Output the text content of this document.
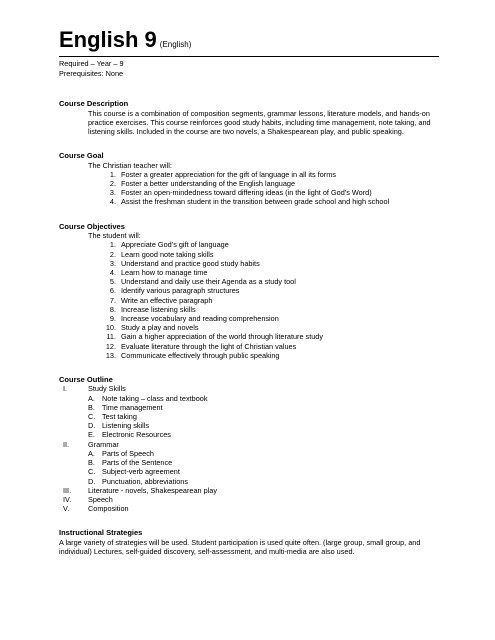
English 9 (English)
Required – Year – 9
Prerequisites: None
Course Description
This course is a combination of composition segments, grammar lessons, literature models, and hands-on practice exercises. This course reinforces good study habits, including time management, note taking, and listening skills. Included in the course are two novels, a Shakespearean play, and public speaking.
Course Goal
The Christian teacher will:
1. Foster a greater appreciation for the gift of language in all its forms
2. Foster a better understanding of the English language
3. Foster an open-mindedness toward differing ideas (in the light of God’s Word)
4. Assist the freshman student in the transition between grade school and high school
Course Objectives
The student will:
1. Appreciate God’s gift of language
2. Learn good note taking skills
3. Understand and practice good study habits
4. Learn how to manage time
5. Understand and daily use their Agenda as a study tool
6. Identify various paragraph structures
7. Write an effective paragraph
8. Increase listening skills
9. Increase vocabulary and reading comprehension
10. Study a play and novels
11. Gain a higher appreciation of the world through literature study
12. Evaluate literature through the light of Christian values
13. Communicate effectively through public speaking
Course Outline
I.	Study Skills
A. Note taking – class and textbook
B. Time management
C. Test taking
D. Listening skills
E. Electronic Resources
II.	Grammar
A. Parts of Speech
B. Parts of the Sentence
C. Subject-verb agreement
D. Punctuation, abbreviations
III.	Literature - novels, Shakespearean play
IV.	Speech
V.	Composition
Instructional Strategies
A large variety of strategies will be used. Student participation is used quite often. (large group, small group, and individual) Lectures, self-guided discovery, self-assessment, and multi-media are also used.
